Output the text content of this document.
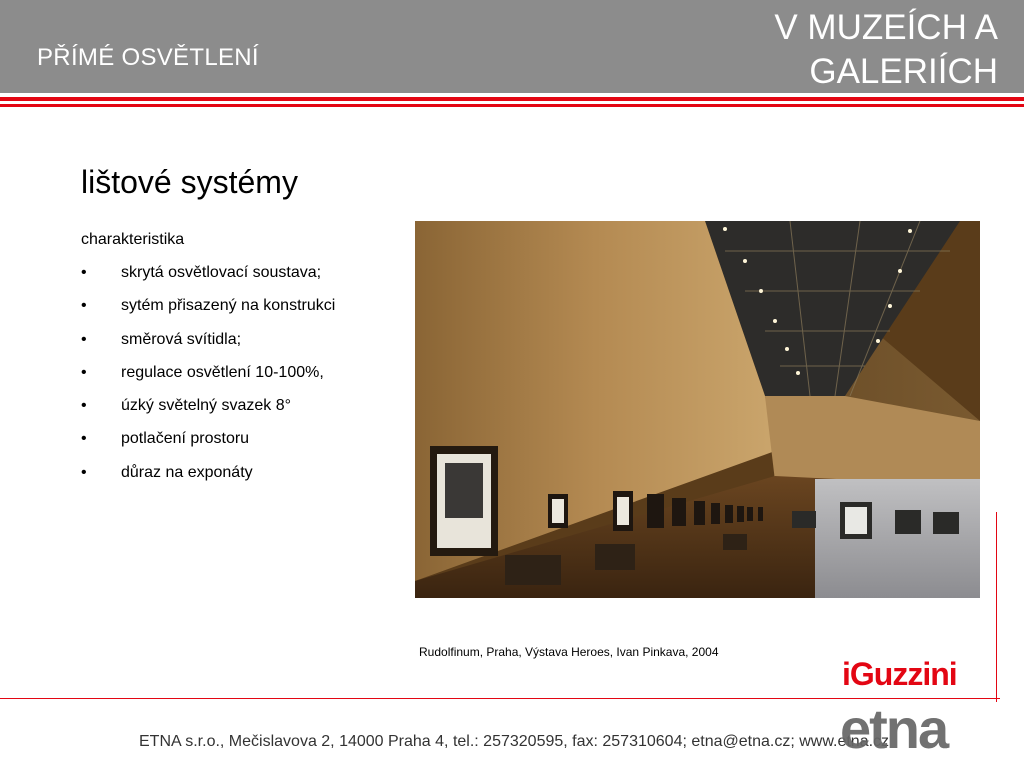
PŘÍMÉ OSVĚTLENÍ
V MUZEÍCH A GALERIÍCH
lištové systémy
charakteristika
•	skrytá osvětlovací soustava;
•	sytém přisazený na konstrukci
•	směrová svítidla;
•	regulace osvětlení 10-100%,
•	úzký světelný svazek 8°
•	potlačení prostoru
•	důraz na exponáty
Rudolfinum, Praha, Výstava Heroes, Ivan Pinkava, 2004
ETNA s.r.o., Mečislavova 2, 14000 Praha 4, tel.: 257320595, fax: 257310604; etna@etna.cz; www.etna.cz
iGuzzini
etna
